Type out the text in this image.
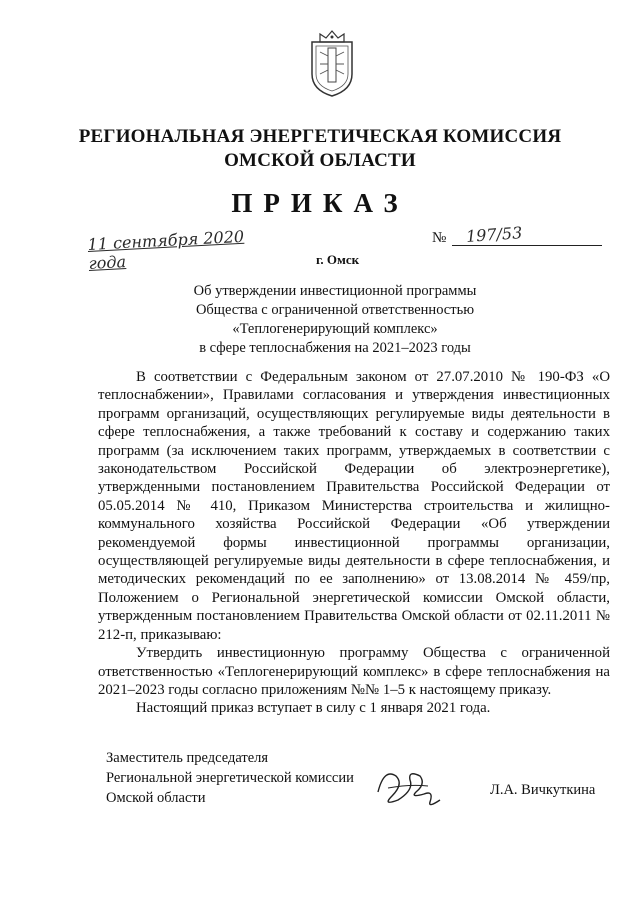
РЕГИОНАЛЬНАЯ ЭНЕРГЕТИЧЕСКАЯ КОМИССИЯ
ОМСКОЙ ОБЛАСТИ
ПРИКАЗ
11 сентября 2020 года	г. Омск
№ 197/53
Об утверждении инвестиционной программы
Общества с ограниченной ответственностью
«Теплогенерирующий комплекс»
в сфере теплоснабжения на 2021–2023 годы

В соответствии с Федеральным законом от 27.07.2010 № 190-ФЗ «О теплоснабжении», Правилами согласования и утверждения инвестиционных программ организаций, осуществляющих регулируемые виды деятельности в сфере теплоснабжения, а также требований к составу и содержанию таких программ (за исключением таких программ, утверждаемых в соответствии с законодательством Российской Федерации об электроэнергетике), утвержденными постановлением Правительства Российской Федерации от 05.05.2014 № 410, Приказом Министерства строительства и жилищно-коммунального хозяйства Российской Федерации «Об утверждении рекомендуемой формы инвестиционной программы организации, осуществляющей регулируемые виды деятельности в сфере теплоснабжения, и методических рекомендаций по ее заполнению» от 13.08.2014 № 459/пр, Положением о Региональной энергетической комиссии Омской области, утвержденным постановлением Правительства Омской области от 02.11.2011 № 212-п, приказываю:

Утвердить инвестиционную программу Общества с ограниченной ответственностью «Теплогенерирующий комплекс» в сфере теплоснабжения на 2021–2023 годы согласно приложениям №№ 1–5 к настоящему приказу.

Настоящий приказ вступает в силу с 1 января 2021 года.

Заместитель председателя
Региональной энергетической комиссии
Омской области	Л.А. Вичкуткина
